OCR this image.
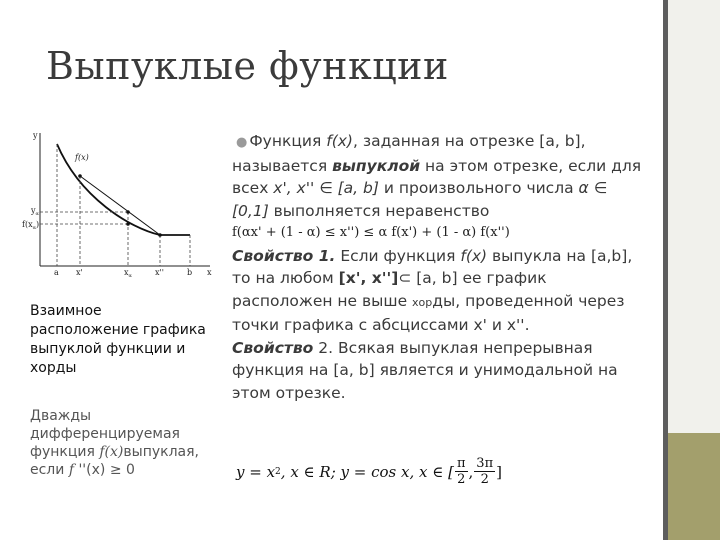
Выпуклые функции
y
x
f(x)
$y_\alpha$
$f(x_\alpha)$
a x'	$x_\alpha$	x''	b
Взаимное расположение графика выпуклой функции и хорды
Дважды
дифференцируемая
функция f(x)выпуклая,
если f ''(x) ≥ 0

● Функция f(x), заданная на отрезке [a, b], называется выпуклой на этом отрезке, если для всех x', x'' ∈ [a, b] и произвольного числа α ∈ [0,1] выполняется неравенство

f(αx' + (1 - α) ≤ x'') ≤ α f(x') + (1 - α) f(x'')

Свойство 1. Если функция f(x) выпукла на [a,b], то на любом [x', x'']⊂ [a, b] ее график расположен не выше хорды, проведенной через точки графика с абсциссами x' и x''.

Свойство 2. Всякая выпуклая непрерывная функция на [a, b] является и унимодальной на этом отрезке.

y = x 2 , x ∈ R; y = cos x, x ∈ [ $\frac{\pi}{2}$ , $\frac{3\pi}{2}$ ]
